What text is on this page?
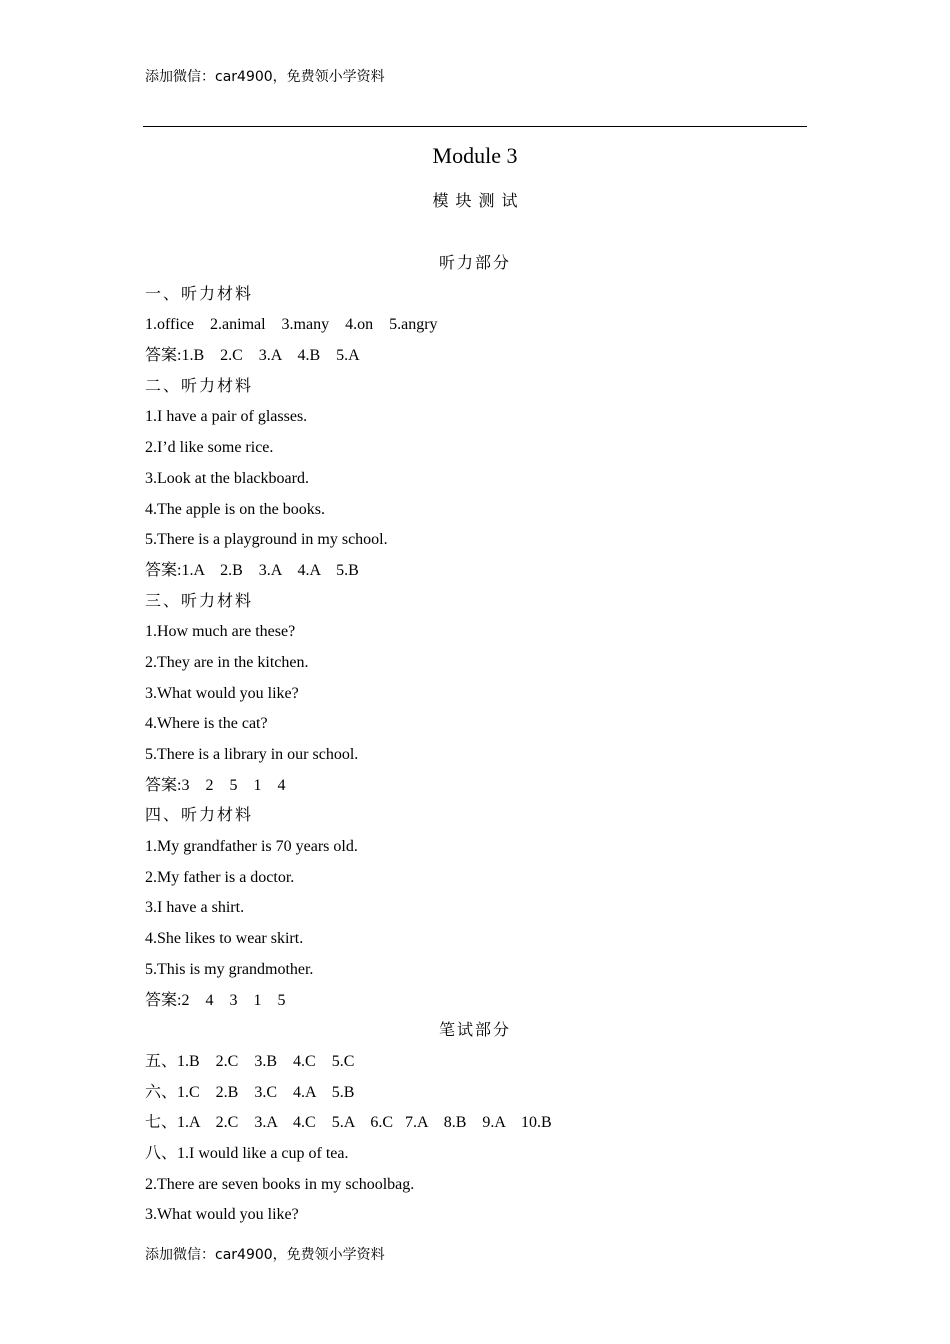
添加微信：car4900，免费领小学资料
Module 3
模块测试
听力部分
一、听力材料
1.office    2.animal    3.many    4.on    5.angry
答案:1.B    2.C    3.A    4.B    5.A
二、听力材料
1.I have a pair of glasses.
2.I’d like some rice.
3.Look at the blackboard.
4.The apple is on the books.
5.There is a playground in my school.
答案:1.A    2.B    3.A    4.A    5.B
三、听力材料
1.How much are these?
2.They are in the kitchen.
3.What would you like?
4.Where is the cat?
5.There is a library in our school.
答案:3    2    5    1    4
四、听力材料
1.My grandfather is 70 years old.
2.My father is a doctor.
3.I have a shirt.
4.She likes to wear skirt.
5.This is my grandmother.
答案:2    4    3    1    5
笔试部分
五、1.B    2.C    3.B    4.C    5.C
六、1.C    2.B    3.C    4.A    5.B
七、1.A    2.C    3.A    4.C    5.A    6.C   7.A    8.B    9.A    10.B
八、1.I would like a cup of tea.
2.There are seven books in my schoolbag.
3.What would you like?
添加微信：car4900，免费领小学资料
